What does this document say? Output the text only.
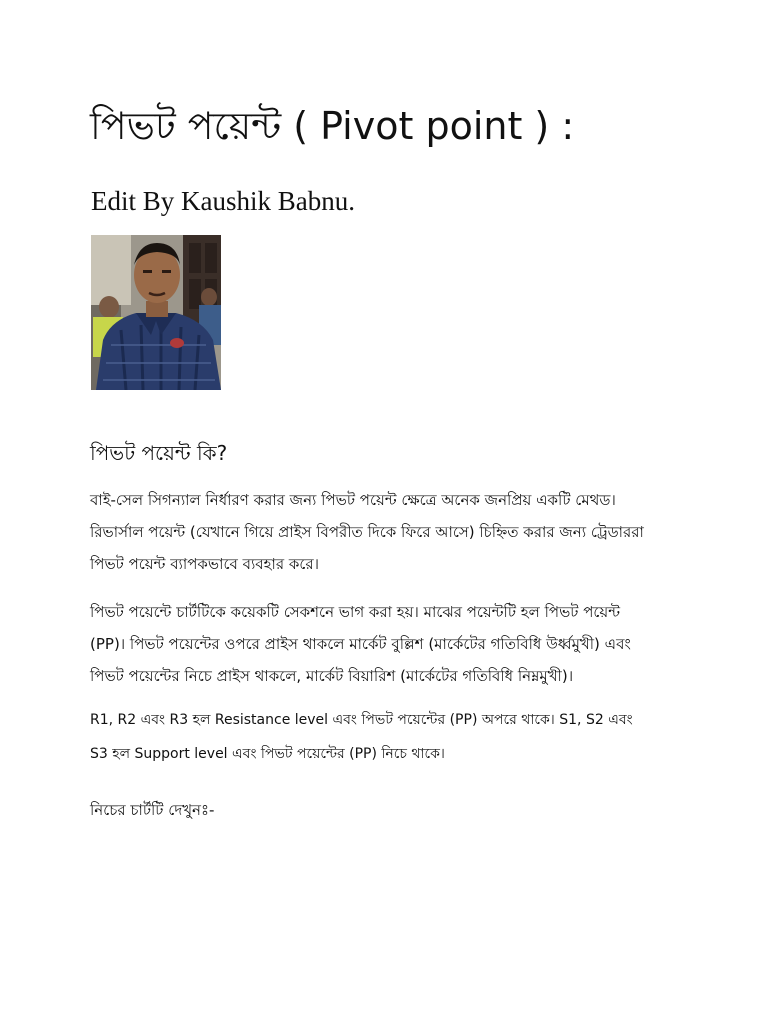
পিভট পয়েন্ট ( Pivot point ) :
Edit By Kaushik Babnu.
পিভট পয়েন্ট কি?
বাই-সেল সিগন্যাল নির্ধারণ করার জন্য পিভট পয়েন্ট ক্ষেত্রে অনেক জনপ্রিয় একটি মেথড।
রিভার্সাল পয়েন্ট (যেখানে গিয়ে প্রাইস বিপরীত দিকে ফিরে আসে) চিহ্নিত করার জন্য ট্রেডাররা
পিভট পয়েন্ট ব্যাপকভাবে ব্যবহার করে।
পিভট পয়েন্টে চার্টটিকে কয়েকটি সেকশনে ভাগ করা হয়। মাঝের পয়েন্টটি হল পিভট পয়েন্ট
(PP)। পিভট পয়েন্টের ওপরে প্রাইস থাকলে মার্কেট বুল্লিশ (মার্কেটের গতিবিধি উর্ধ্বমুখী) এবং
পিভট পয়েন্টের নিচে প্রাইস থাকলে, মার্কেট বিয়ারিশ (মার্কেটের গতিবিধি নিম্নমুখী)।
R1, R2 এবং R3 হল Resistance level এবং পিভট পয়েন্টের (PP) অপরে থাকে। S1, S2 এবং
S3 হল Support level এবং পিভট পয়েন্টের (PP) নিচে থাকে।
নিচের চার্টটি দেখুনঃ-
